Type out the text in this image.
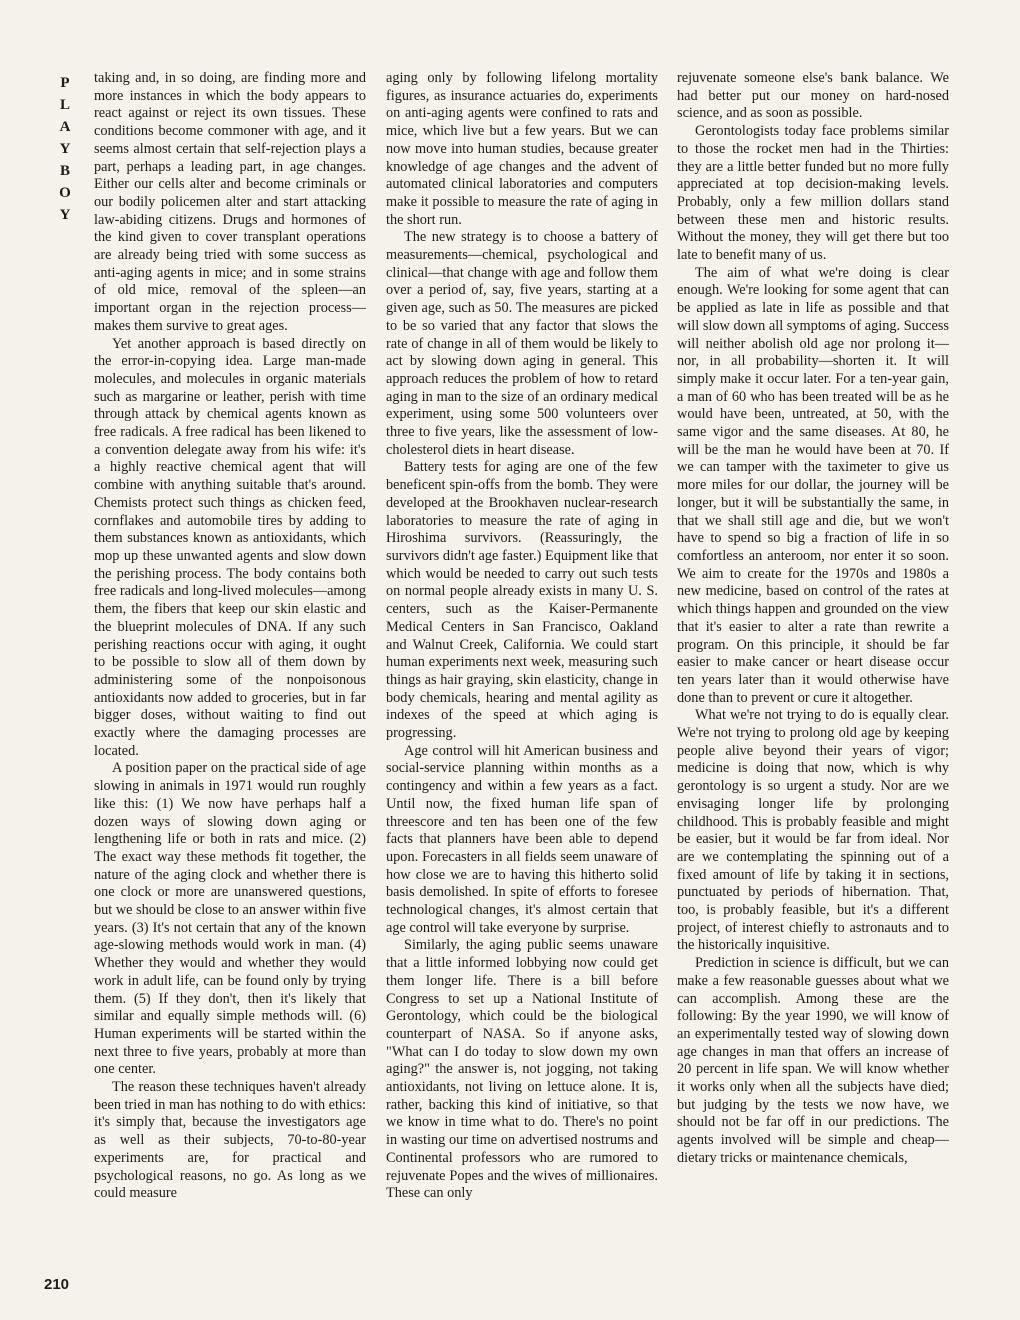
P
L
A
Y
B
O
Y

taking and, in so doing, are finding more and more instances in which the body appears to react against or reject its own tissues. These conditions become commoner with age, and it seems almost certain that self-rejection plays a part, perhaps a leading part, in age changes. Either our cells alter and become criminals or our bodily policemen alter and start attacking law-abiding citizens. Drugs and hormones of the kind given to cover transplant operations are already being tried with some success as anti-aging agents in mice; and in some strains of old mice, removal of the spleen—an important organ in the rejection process—makes them survive to great ages.

Yet another approach is based directly on the error-in-copying idea. Large man-made molecules, and molecules in organic materials such as margarine or leather, perish with time through attack by chemical agents known as free radicals. A free radical has been likened to a convention delegate away from his wife: it's a highly reactive chemical agent that will combine with anything suitable that's around. Chemists protect such things as chicken feed, cornflakes and automobile tires by adding to them substances known as antioxidants, which mop up these unwanted agents and slow down the perishing process. The body contains both free radicals and long-lived molecules—among them, the fibers that keep our skin elastic and the blueprint molecules of DNA. If any such perishing reactions occur with aging, it ought to be possible to slow all of them down by administering some of the nonpoisonous antioxidants now added to groceries, but in far bigger doses, without waiting to find out exactly where the damaging processes are located.

A position paper on the practical side of age slowing in animals in 1971 would run roughly like this: (1) We now have perhaps half a dozen ways of slowing down aging or lengthening life or both in rats and mice. (2) The exact way these methods fit together, the nature of the aging clock and whether there is one clock or more are unanswered questions, but we should be close to an answer within five years. (3) It's not certain that any of the known age-slowing methods would work in man. (4) Whether they would and whether they would work in adult life, can be found only by trying them. (5) If they don't, then it's likely that similar and equally simple methods will. (6) Human experiments will be started within the next three to five years, probably at more than one center.

The reason these techniques haven't already been tried in man has nothing to do with ethics: it's simply that, because the investigators age as well as their subjects, 70-to-80-year experiments are, for practical and psychological reasons, no go. As long as we could measure

aging only by following lifelong mortality figures, as insurance actuaries do, experiments on anti-aging agents were confined to rats and mice, which live but a few years. But we can now move into human studies, because greater knowledge of age changes and the advent of automated clinical laboratories and computers make it possible to measure the rate of aging in the short run.

The new strategy is to choose a battery of measurements—chemical, psychological and clinical—that change with age and follow them over a period of, say, five years, starting at a given age, such as 50. The measures are picked to be so varied that any factor that slows the rate of change in all of them would be likely to act by slowing down aging in general. This approach reduces the problem of how to retard aging in man to the size of an ordinary medical experiment, using some 500 volunteers over three to five years, like the assessment of low-cholesterol diets in heart disease.

Battery tests for aging are one of the few beneficent spin-offs from the bomb. They were developed at the Brookhaven nuclear-research laboratories to measure the rate of aging in Hiroshima survivors. (Reassuringly, the survivors didn't age faster.) Equipment like that which would be needed to carry out such tests on normal people already exists in many U. S. centers, such as the Kaiser-Permanente Medical Centers in San Francisco, Oakland and Walnut Creek, California. We could start human experiments next week, measuring such things as hair graying, skin elasticity, change in body chemicals, hearing and mental agility as indexes of the speed at which aging is progressing.

Age control will hit American business and social-service planning within months as a contingency and within a few years as a fact. Until now, the fixed human life span of threescore and ten has been one of the few facts that planners have been able to depend upon. Forecasters in all fields seem unaware of how close we are to having this hitherto solid basis demolished. In spite of efforts to foresee technological changes, it's almost certain that age control will take everyone by surprise.

Similarly, the aging public seems unaware that a little informed lobbying now could get them longer life. There is a bill before Congress to set up a National Institute of Gerontology, which could be the biological counterpart of NASA. So if anyone asks, "What can I do today to slow down my own aging?" the answer is, not jogging, not taking antioxidants, not living on lettuce alone. It is, rather, backing this kind of initiative, so that we know in time what to do. There's no point in wasting our time on advertised nostrums and Continental professors who are rumored to rejuvenate Popes and the wives of millionaires. These can only

rejuvenate someone else's bank balance. We had better put our money on hard-nosed science, and as soon as possible.

Gerontologists today face problems similar to those the rocket men had in the Thirties: they are a little better funded but no more fully appreciated at top decision-making levels. Probably, only a few million dollars stand between these men and historic results. Without the money, they will get there but too late to benefit many of us.

The aim of what we're doing is clear enough. We're looking for some agent that can be applied as late in life as possible and that will slow down all symptoms of aging. Success will neither abolish old age nor prolong it—nor, in all probability—shorten it. It will simply make it occur later. For a ten-year gain, a man of 60 who has been treated will be as he would have been, untreated, at 50, with the same vigor and the same diseases. At 80, he will be the man he would have been at 70. If we can tamper with the taximeter to give us more miles for our dollar, the journey will be longer, but it will be substantially the same, in that we shall still age and die, but we won't have to spend so big a fraction of life in so comfortless an anteroom, nor enter it so soon. We aim to create for the 1970s and 1980s a new medicine, based on control of the rates at which things happen and grounded on the view that it's easier to alter a rate than rewrite a program. On this principle, it should be far easier to make cancer or heart disease occur ten years later than it would otherwise have done than to prevent or cure it altogether.

What we're not trying to do is equally clear. We're not trying to prolong old age by keeping people alive beyond their years of vigor; medicine is doing that now, which is why gerontology is so urgent a study. Nor are we envisaging longer life by prolonging childhood. This is probably feasible and might be easier, but it would be far from ideal. Nor are we contemplating the spinning out of a fixed amount of life by taking it in sections, punctuated by periods of hibernation. That, too, is probably feasible, but it's a different project, of interest chiefly to astronauts and to the historically inquisitive.

Prediction in science is difficult, but we can make a few reasonable guesses about what we can accomplish. Among these are the following: By the year 1990, we will know of an experimentally tested way of slowing down age changes in man that offers an increase of 20 percent in life span. We will know whether it works only when all the subjects have died; but judging by the tests we now have, we should not be far off in our predictions. The agents involved will be simple and cheap—dietary tricks or maintenance chemicals,

210
